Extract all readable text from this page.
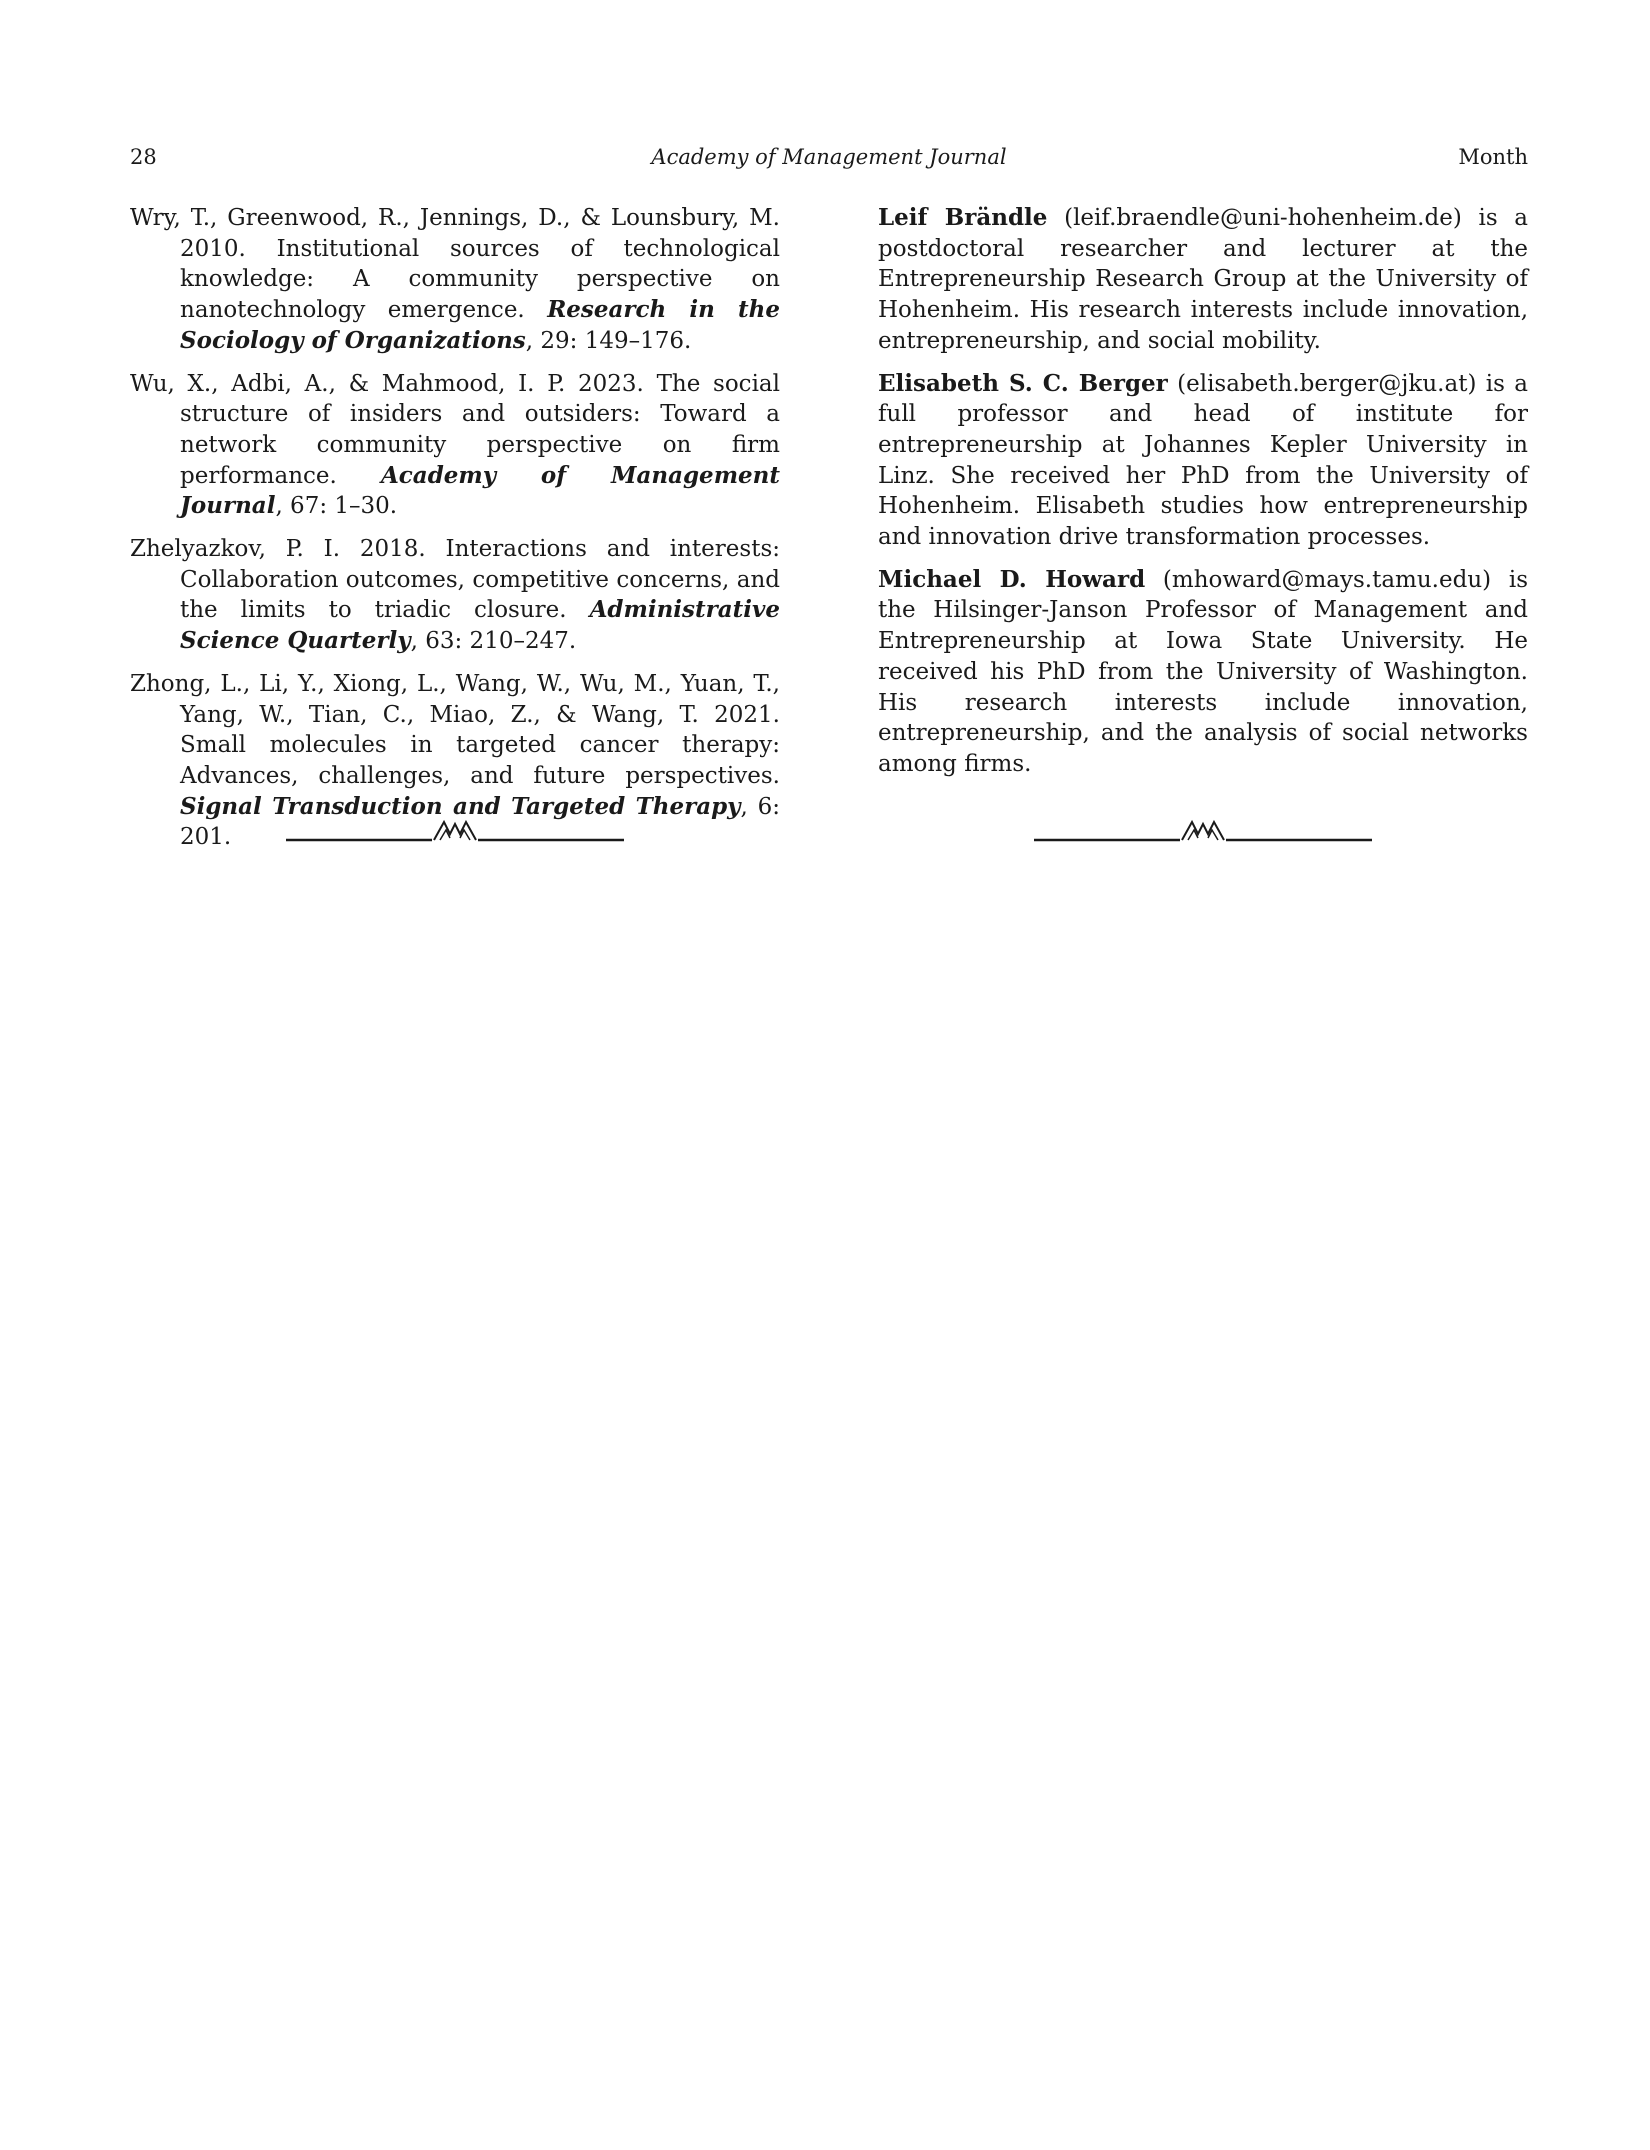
28	Academy of Management Journal	Month

Wry, T., Greenwood, R., Jennings, D., & Lounsbury, M. 2010. Institutional sources of technological knowledge: A community perspective on nanotechnology emergence. Research in the Sociology of Organizations, 29: 149–176.

Wu, X., Adbi, A., & Mahmood, I. P. 2023. The social structure of insiders and outsiders: Toward a network community perspective on firm performance. Academy of Management Journal, 67: 1–30.

Zhelyazkov, P. I. 2018. Interactions and interests: Collaboration outcomes, competitive concerns, and the limits to triadic closure. Administrative Science Quarterly, 63: 210–247.

Zhong, L., Li, Y., Xiong, L., Wang, W., Wu, M., Yuan, T., Yang, W., Tian, C., Miao, Z., & Wang, T. 2021. Small molecules in targeted cancer therapy: Advances, challenges, and future perspectives. Signal Transduction and Targeted Therapy, 6: 201.

Leif Brändle (leif.braendle@uni-hohenheim.de) is a postdoctoral researcher and lecturer at the Entrepreneurship Research Group at the University of Hohenheim. His research interests include innovation, entrepreneurship, and social mobility.

Elisabeth S. C. Berger (elisabeth.berger@jku.at) is a full professor and head of institute for entrepreneurship at Johannes Kepler University in Linz. She received her PhD from the University of Hohenheim. Elisabeth studies how entrepreneurship and innovation drive transformation processes.

Michael D. Howard (mhoward@mays.tamu.edu) is the Hilsinger-Janson Professor of Management and Entrepreneurship at Iowa State University. He received his PhD from the University of Washington. His research interests include innovation, entrepreneurship, and the analysis of social networks among firms.
